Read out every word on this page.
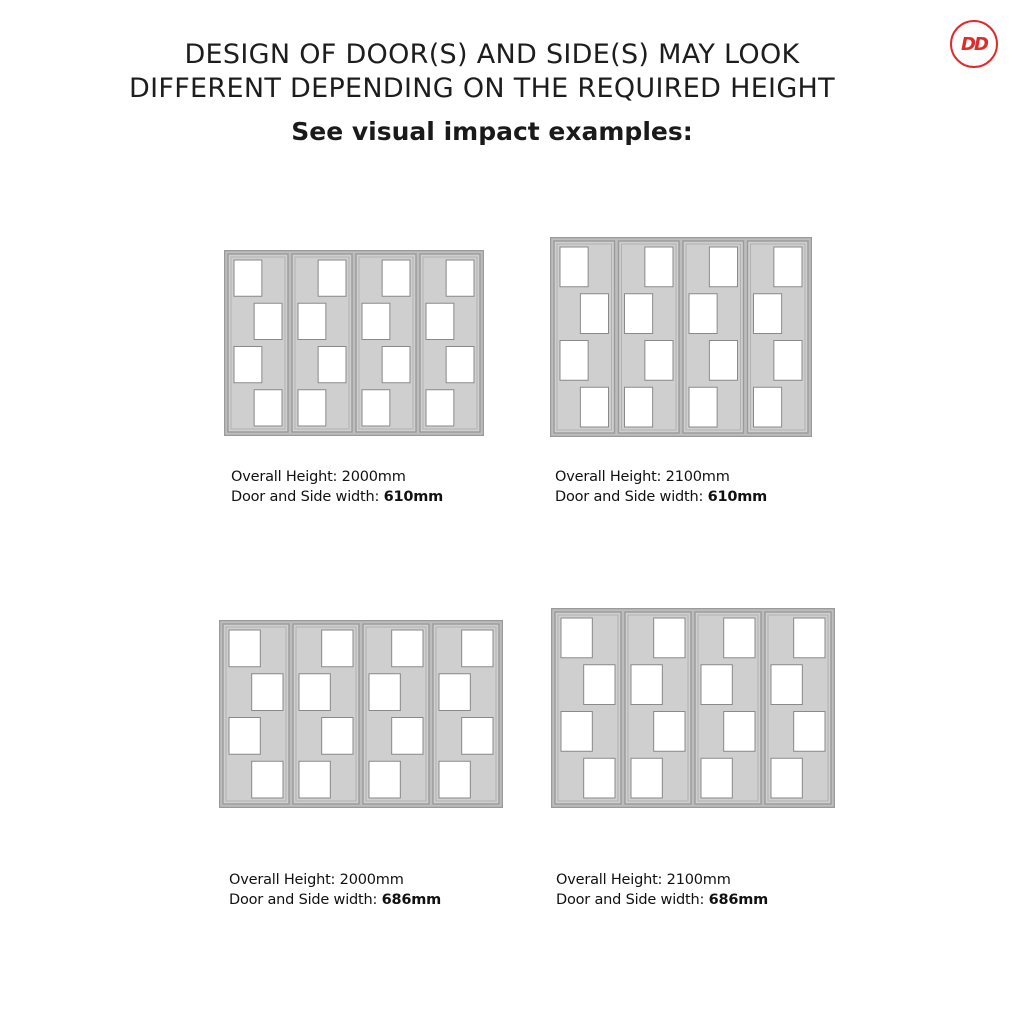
DESIGN OF DOOR(S) AND SIDE(S) MAY LOOK
DIFFERENT DEPENDING ON THE REQUIRED HEIGHT
See visual impact examples:
DD
Overall Height: 2000mm
Door and Side width: 610mm
Overall Height: 2100mm
Door and Side width: 610mm
Overall Height: 2000mm
Door and Side width: 686mm
Overall Height: 2100mm
Door and Side width: 686mm
